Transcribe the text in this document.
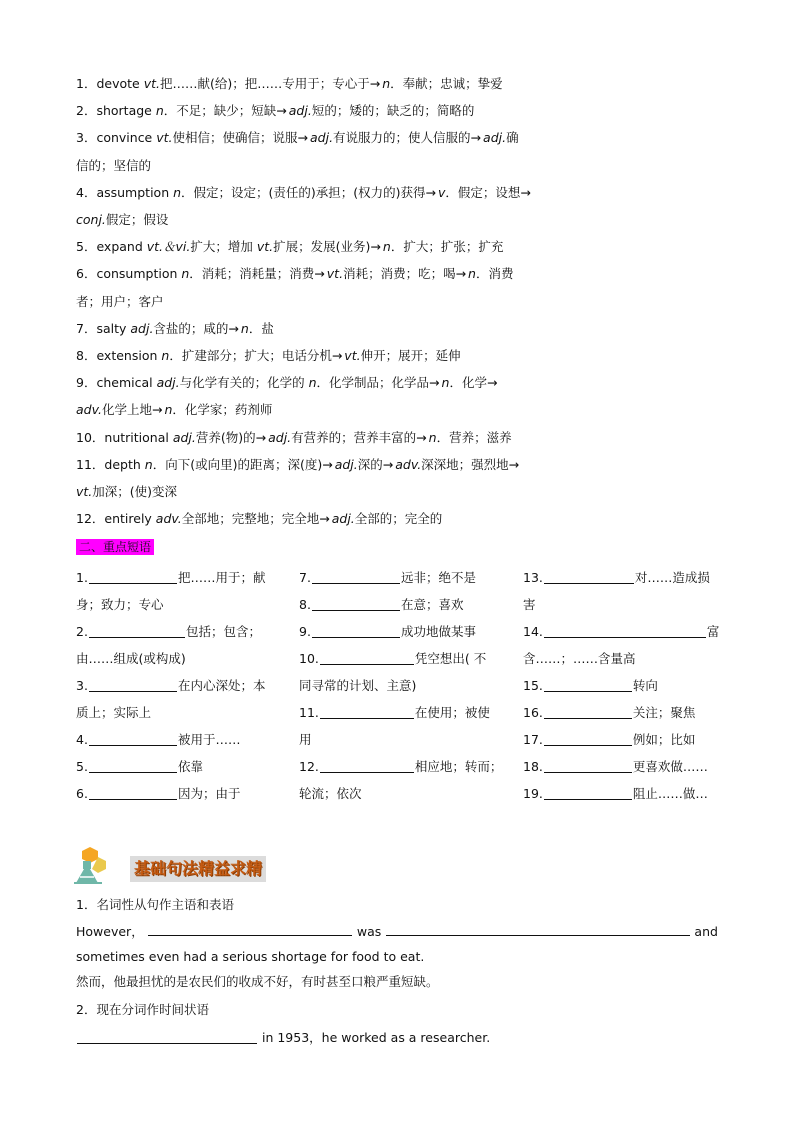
1．devote vt.把……献(给)；把……专用于；专心于→ n．奉献；忠诚；挚爱
2．shortage n．不足；缺少；短缺→ adj.短的；矮的；缺乏的；简略的
3．convince vt.使相信；使确信；说服→ adj.有说服力的；使人信服的→ adj.确
信的；坚信的
4．assumption n．假定；设定；(责任的)承担；(权力的)获得→ v．假定；设想→
conj.假定；假设
5．expand vt.＆vi.扩大；增加 vt.扩展；发展(业务)→ n．扩大；扩张；扩充
6．consumption n．消耗；消耗量；消费→ vt.消耗；消费；吃；喝→ n．消费
者；用户；客户
7．salty adj.含盐的；咸的→ n．盐
8．extension n．扩建部分；扩大；电话分机→ vt.伸开；展开；延伸
9．chemical adj.与化学有关的；化学的 n．化学制品；化学品→ n．化学→
adv.化学上地→ n．化学家；药剂师
10．nutritional adj.营养(物)的→ adj.有营养的；营养丰富的→ n．营养；滋养
11．depth n．向下(或向里)的距离；深(度)→ adj.深的→ adv.深深地；强烈地→
vt.加深；(使)变深
12．entirely adv.全部地；完整地；完全地→ adj.全部的；完全的
二、重点短语
1.	把……用于；献
身；致力；专心
2.	包括；包含；
由……组成(或构成)
3.	在内心深处；本
质上；实际上
4.	被用于……
5.	依靠
6.	因为；由于
7.	远非；绝不是
8.	在意；喜欢
9.	成功地做某事
10.	凭空想出( 不
同寻常的计划、主意)
11.	在使用；被使
用
12.	相应地；转而；
轮流；依次
13.	对……造成损
害
14.	富
含……；……含量高
15.	转向
16.	关注；聚焦
17.	例如；比如
18.	更喜欢做……
19.	阻止……做…
基础句法精益求精
1．名词性从句作主语和表语
However，	was	and
sometimes even had a serious shortage for food to eat.
然而，他最担忧的是农民们的收成不好，有时甚至口粮严重短缺。
2．现在分词作时间状语
in 1953，he worked as a researcher.
